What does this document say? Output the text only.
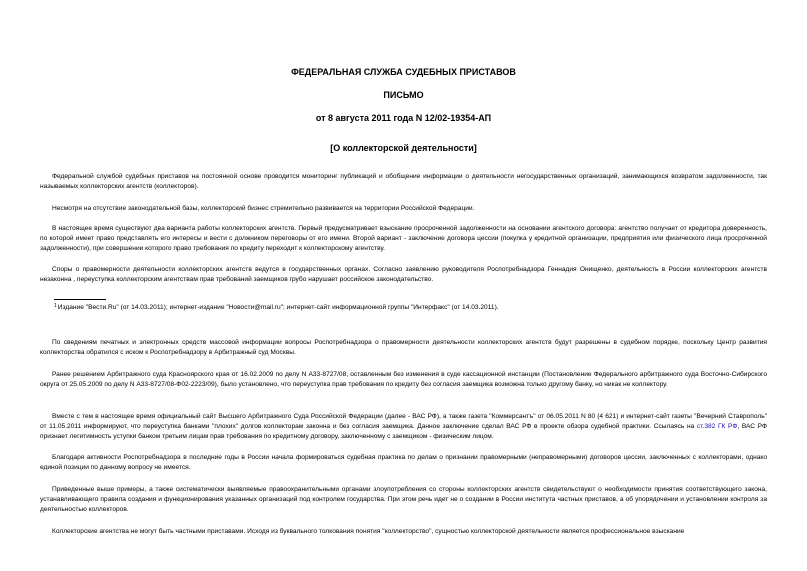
ФЕДЕРАЛЬНАЯ СЛУЖБА СУДЕБНЫХ ПРИСТАВОВ
ПИСЬМО
от 8 августа 2011 года N 12/02-19354-АП
[О коллекторской деятельности]
Федеральной службой судебных приставов на постоянной основе проводится мониторинг публикаций и обобщение информации о деятельности негосударственных организаций, занимающихся возвратом задолженности, так называемых коллекторских агентств (коллекторов).
Несмотря на отсутствие законодательной базы, коллекторский бизнес стремительно развивается на территории Российской Федерации.
В настоящее время существуют два варианта работы коллекторских агентств. Первый предусматривает взыскание просроченной задолженности на основании агентского договора: агентство получает от кредитора доверенность, по которой имеет право представлять его интересы и вести с должником переговоры от его имени. Второй вариант - заключение договора цессии (покупка у кредитной организации, предприятия или физического лица просроченной задолженности), при совершении которого право требования по кредиту переходит к коллекторскому агентству.
Споры о правомерности деятельности коллекторских агентств ведутся в государственных органах. Согласно заявлению руководителя Роспотребнадзора Геннадия Онищенко, деятельность в России коллекторских агентств незаконна , переуступка коллекторским агентствам прав требований заемщиков грубо нарушает российское законодательство.
$^1$Издание "Вести.Ru" (от 14.03.2011); интернет-издание "Новости@mail.ru"; интернет-сайт информационной группы "Интерфакс" (от 14.03.2011).
По сведениям печатных и электронных средств массовой информации вопросы Роспотребнадзора о правомерности деятельности коллекторских агентств будут разрешены в судебном порядке, поскольку Центр развития коллекторства обратился с иском к Роспотребнадзору в Арбитражный суд Москвы.
Ранее решением Арбитражного суда Красноярского края от 16.02.2009 по делу N А33-8727/08, оставленным без изменения в суде кассационной инстанции (Постановление Федерального арбитражного суда Восточно-Сибирского округа от 25.05.2009 по делу N А33-8727/08-Ф02-2223/09), было установлено, что переуступка прав требования по кредиту без согласия заемщика возможна только другому банку, но никак не коллектору.
Вместе с тем в настоящее время официальный сайт Высшего Арбитражного Суда Российской Федерации (далее - ВАС РФ), а также газета "Коммерсантъ" от 06.05.2011 N 80 (4 621) и интернет-сайт газеты "Вечерний Ставрополь" от 11.05.2011 информируют, что переуступка банками "плохих" долгов коллекторам законна и без согласия заемщика. Данное заключение сделал ВАС РФ в проекте обзора судебной практики. Ссылаясь на ст.382 ГК РФ, ВАС РФ признает легитимность уступки банком третьим лицам прав требования по кредитному договору, заключенному с заемщиком - физическим лицом.
Благодаря активности Роспотребнадзора в последние годы в России начала формироваться судебная практика по делам о признании правомерными (неправомерными) договоров цессии, заключенных с коллекторами, однако единой позиции по данному вопросу не имеется.
Приведенные выше примеры, а также систематически выявляемые правоохранительными органами злоупотребления со стороны коллекторских агентств свидетельствуют о необходимости принятия соответствующего закона, устанавливающего правила создания и функционирования указанных организаций под контролем государства. При этом речь идет не о создании в России института частных приставов, а об упорядочении и установлении контроля за деятельностью коллекторов.
Коллекторские агентства не могут быть частными приставами. Исходя из буквального толкования понятия "коллекторство", сущностью коллекторской деятельности является профессиональное взыскание
